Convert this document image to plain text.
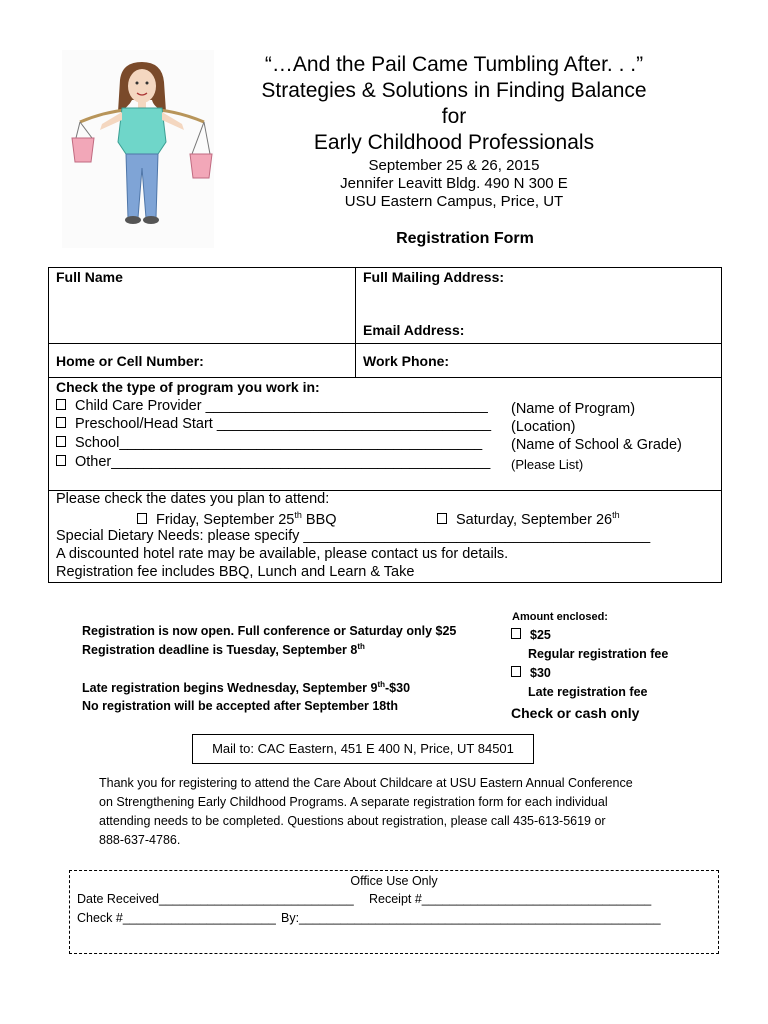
“…And the Pail Came Tumbling After. . .”
Strategies & Solutions in Finding Balance
for
Early Childhood Professionals
September 25 & 26, 2015
Jennifer Leavitt Bldg. 490 N 300 E
USU Eastern Campus, Price, UT
Registration Form
Full Name	Full Mailing Address:
Email Address:
Home or Cell Number:	Work Phone:
Check the type of program you work in:
Child Care Provider ___________________________________ (Name of Program)
Preschool/Head Start __________________________________ (Location)
School_____________________________________________ (Name of School & Grade)
Other_______________________________________________ (Please List)
Please check the dates you plan to attend:
Friday, September 25th BBQ	Saturday, September 26th
Special Dietary Needs: please specify ___________________________________________
A discounted hotel rate may be available, please contact us for details.
Registration fee includes BBQ, Lunch and Learn & Take
Registration is now open. Full conference or Saturday only $25
Registration deadline is Tuesday, September 8th
Late registration begins Wednesday, September 9th-$30
No registration will be accepted after September 18th
Amount enclosed:
$25
Regular registration fee
$30
Late registration fee
Check or cash only
Mail to: CAC Eastern, 451 E 400 N, Price, UT 84501
Thank you for registering to attend the Care About Childcare at USU Eastern Annual Conference
on Strengthening Early Childhood Programs. A separate registration form for each individual
attending needs to be completed. Questions about registration, please call 435-613-5619 or
888-637-4786.
Office Use Only
Date Received____________________________ Receipt #_________________________________
Check #______________________ By:____________________________________________________
